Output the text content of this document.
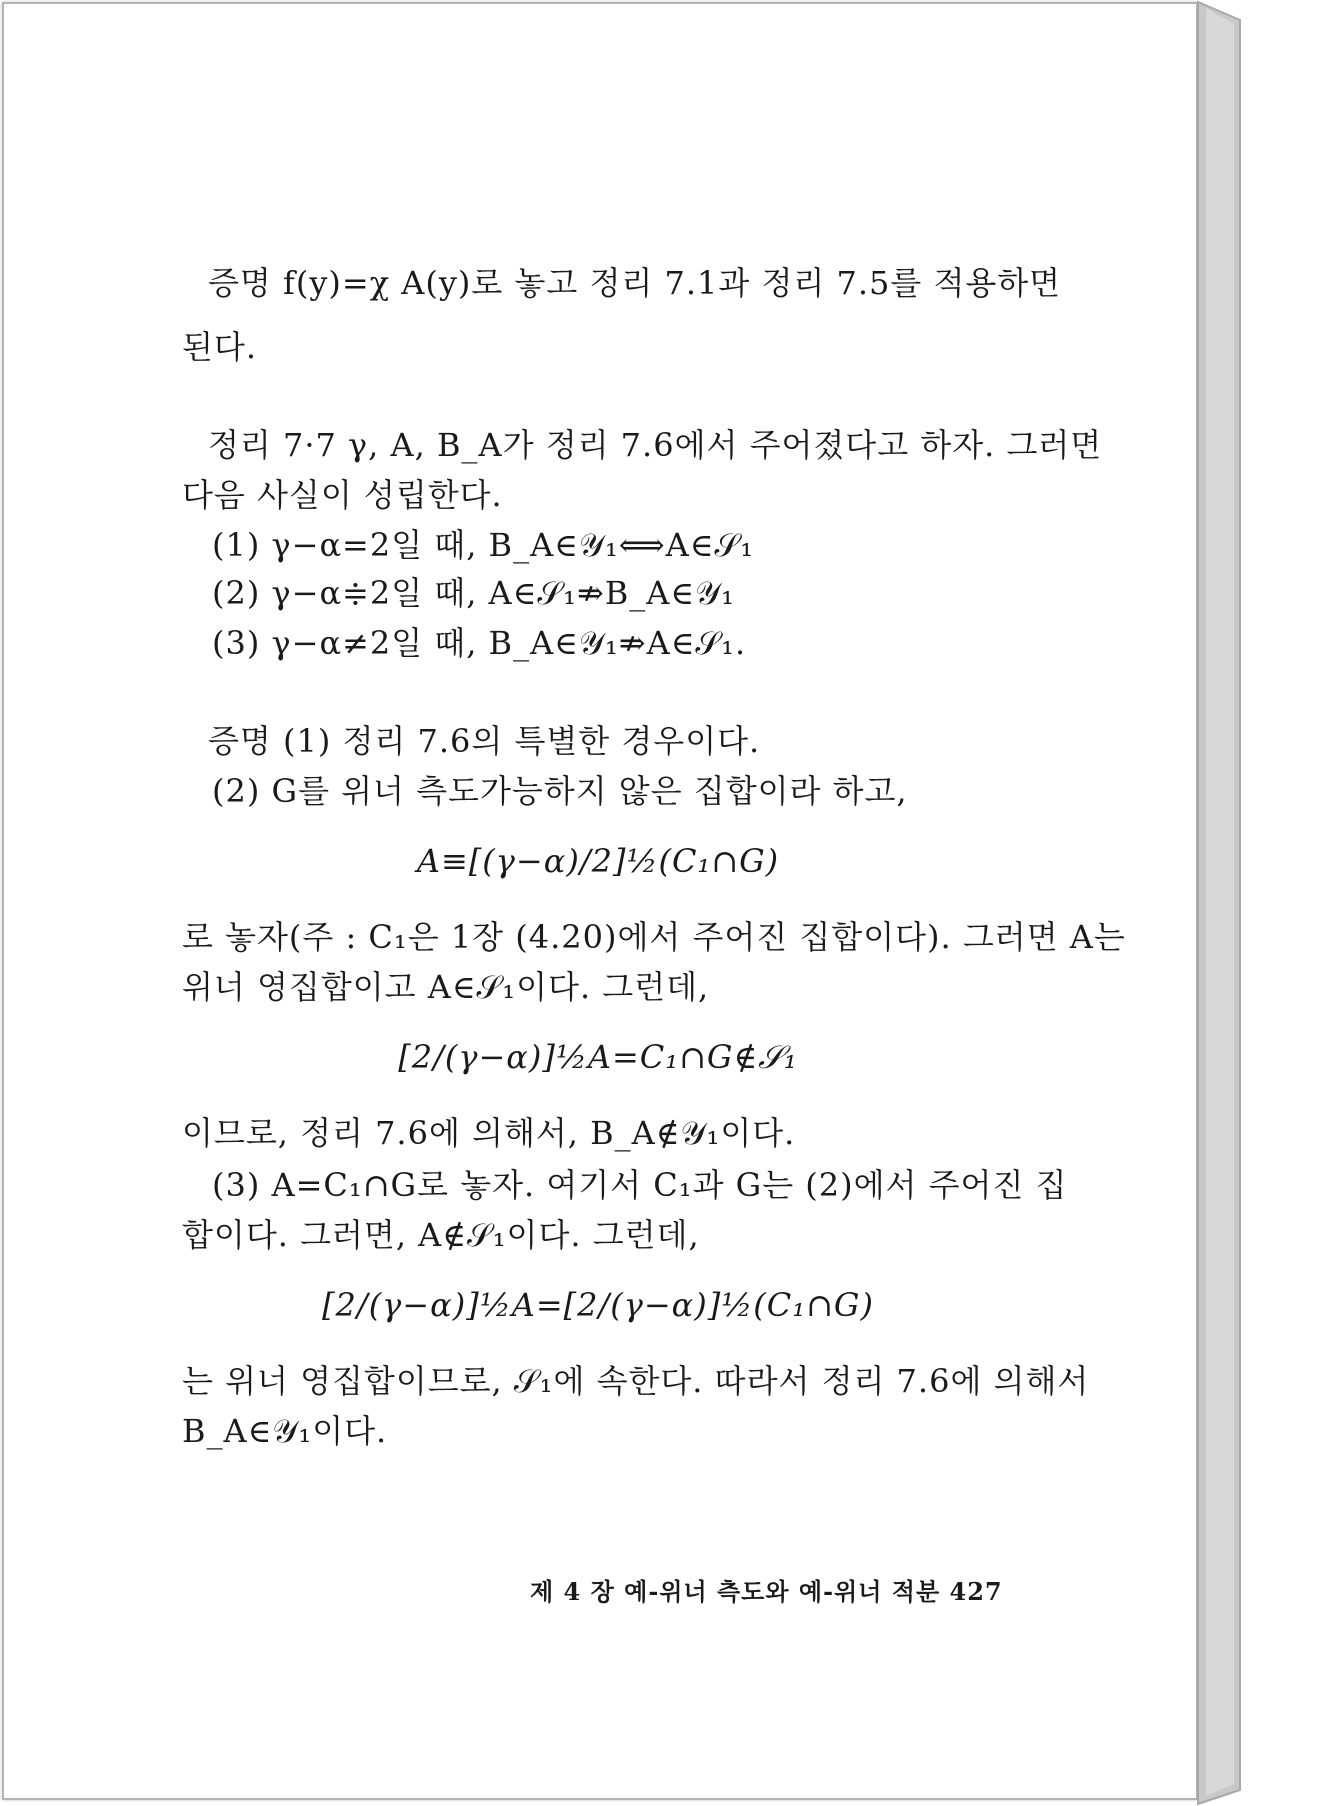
증명 f(y)=χ A(y)로 놓고 정리 7.1과 정리 7.5를 적용하면
된다.
정리 7·7 γ, A, B_A가 정리 7.6에서 주어졌다고 하자. 그러면
다음 사실이 성립한다.
(1) γ−α=2일 때, B_A∈𝒴₁⟺A∈𝒮₁
(2) γ−α≑2일 때, A∈𝒮₁⇏B_A∈𝒴₁
(3) γ−α≠2일 때, B_A∈𝒴₁⇏A∈𝒮₁.
증명 (1) 정리 7.6의 특별한 경우이다.
(2) G를 위너 측도가능하지 않은 집합이라 하고,
A≡[(γ−α)/2]½(C₁∩G)
로 놓자(주 : C₁은 1장 (4.20)에서 주어진 집합이다). 그러면 A는
위너 영집합이고 A∈𝒮₁이다. 그런데,
[2/(γ−α)]½A=C₁∩G∉𝒮₁
이므로, 정리 7.6에 의해서, B_A∉𝒴₁이다.
(3) A=C₁∩G로 놓자. 여기서 C₁과 G는 (2)에서 주어진 집
합이다. 그러면, A∉𝒮₁이다. 그런데,
[2/(γ−α)]½A=[2/(γ−α)]½(C₁∩G)
는 위너 영집합이므로, 𝒮₁에 속한다. 따라서 정리 7.6에 의해서
B_A∈𝒴₁이다.
제 4 장 예-위너 측도와 예-위너 적분 427
